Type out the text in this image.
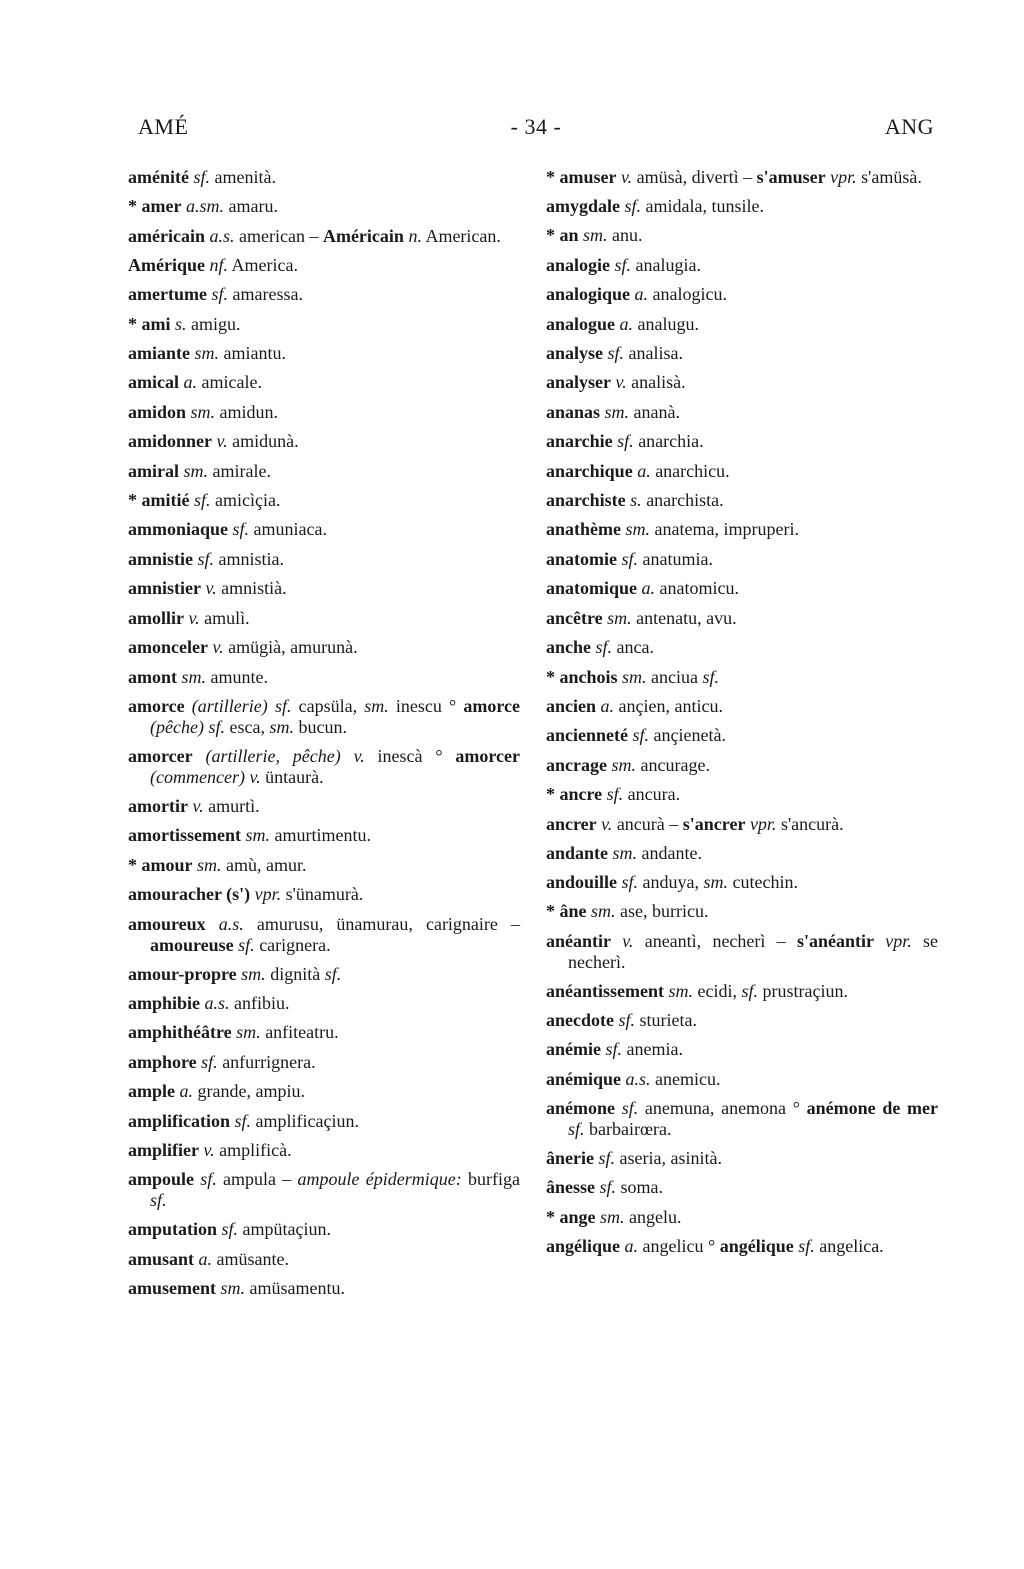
AMÉ	- 34 -	ANG
aménité sf. amenità.
* amer a.sm. amaru.
américain a.s. american – Américain n. American.
Amérique nf. America.
amertume sf. amaressa.
* ami s. amigu.
amiante sm. amiantu.
amical a. amicale.
amidon sm. amidun.
amidonner v. amidunà.
amiral sm. amirale.
* amitié sf. amicìçia.
ammoniaque sf. amuniaca.
amnistie sf. amnistia.
amnistier v. amnistià.
amollir v. amulì.
amonceler v. amügià, amurunà.
amont sm. amunte.
amorce (artillerie) sf. capsüla, sm. inescu ° amorce (pêche) sf. esca, sm. bucun.
amorcer (artillerie, pêche) v. inescà ° amorcer (commencer) v. üntaurà.
amortir v. amurtì.
amortissement sm. amurtimentu.
* amour sm. amù, amur.
amouracher (s') vpr. s'ünamurà.
amoureux a.s. amurusu, ünamurau, carignaire – amoureuse sf. carignera.
amour-propre sm. dignità sf.
amphibie a.s. anfibiu.
amphithéâtre sm. anfiteatru.
amphore sf. anfurrignera.
ample a. grande, ampiu.
amplification sf. amplificaçiun.
amplifier v. amplificà.
ampoule sf. ampula – ampoule épidermique: burfiga sf.
amputation sf. ampütaçiun.
amusant a. amüsante.
amusement sm. amüsamentu.
* amuser v. amüsà, divertì – s'amuser vpr. s'amüsà.
amygdale sf. amidala, tunsile.
* an sm. anu.
analogie sf. analugia.
analogique a. analogicu.
analogue a. analugu.
analyse sf. analisa.
analyser v. analisà.
ananas sm. ananà.
anarchie sf. anarchia.
anarchique a. anarchicu.
anarchiste s. anarchista.
anathème sm. anatema, impruperi.
anatomie sf. anatumia.
anatomique a. anatomicu.
ancêtre sm. antenatu, avu.
anche sf. anca.
* anchois sm. anciua sf.
ancien a. ançien, anticu.
ancienneté sf. ançienetà.
ancrage sm. ancurage.
* ancre sf. ancura.
ancrer v. ancurà – s'ancrer vpr. s'ancurà.
andante sm. andante.
andouille sf. anduya, sm. cutechin.
* âne sm. ase, burricu.
anéantir v. aneantì, necherì – s'anéantir vpr. se necherì.
anéantissement sm. ecidi, sf. prustraçiun.
anecdote sf. sturieta.
anémie sf. anemia.
anémique a.s. anemicu.
anémone sf. anemuna, anemona ° anémone de mer sf. barbairœra.
ânerie sf. aseria, asinità.
ânesse sf. soma.
* ange sm. angelu.
angélique a. angelicu ° angélique sf. angelica.
